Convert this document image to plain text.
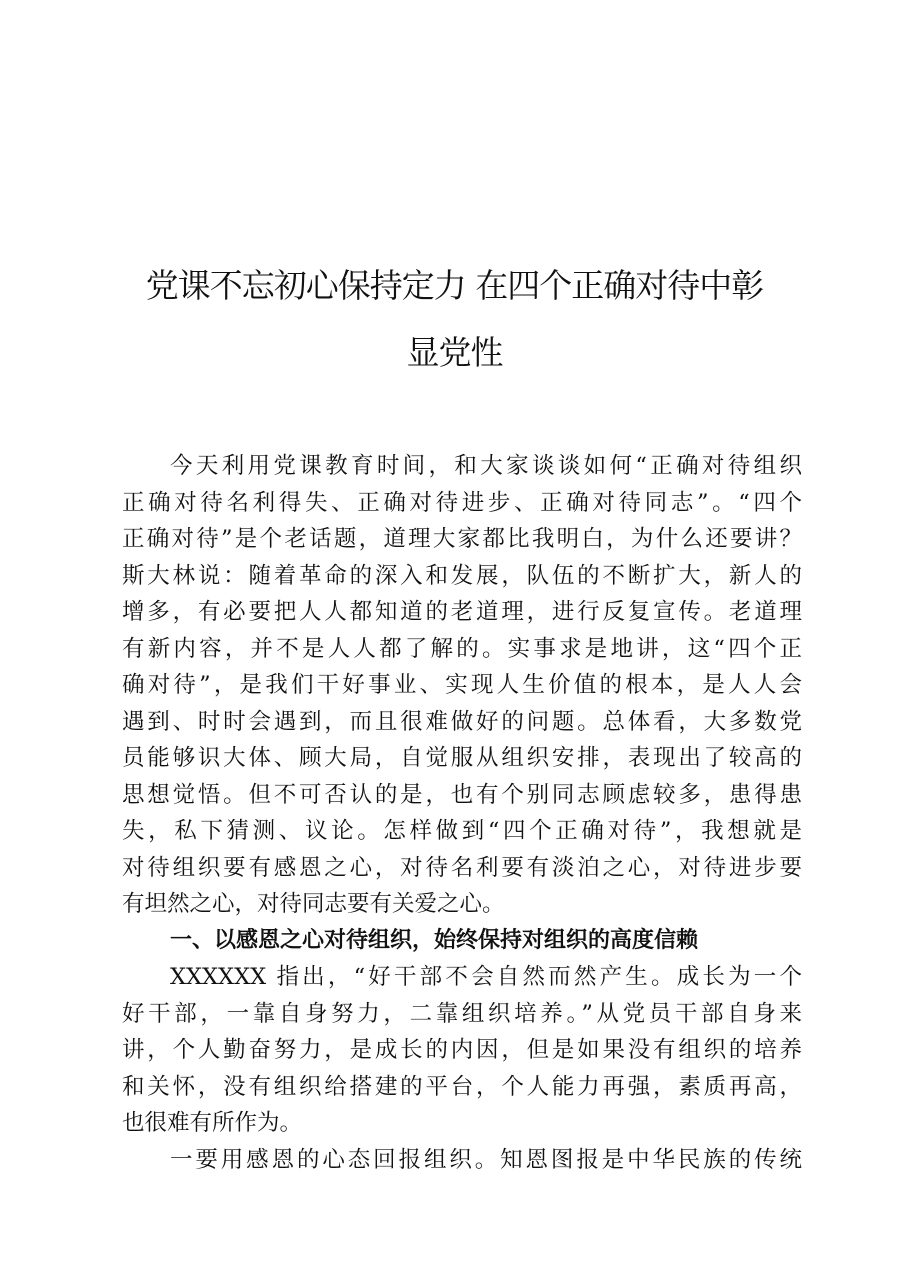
党课不忘初心保持定力 在四个正确对待中彰
显党性
今天利用党课教育时间，和大家谈谈如何“正确对待组织
正确对待名利得失、正确对待进步、正确对待同志”。“四个
正确对待”是个老话题，道理大家都比我明白，为什么还要讲？
斯大林说：随着革命的深入和发展，队伍的不断扩大，新人的
增多，有必要把人人都知道的老道理，进行反复宣传。老道理
有新内容，并不是人人都了解的。实事求是地讲，这“四个正
确对待”，是我们干好事业、实现人生价值的根本，是人人会
遇到、时时会遇到，而且很难做好的问题。总体看，大多数党
员能够识大体、顾大局，自觉服从组织安排，表现出了较高的
思想觉悟。但不可否认的是，也有个别同志顾虑较多，患得患
失，私下猜测、议论。怎样做到“四个正确对待”，我想就是
对待组织要有感恩之心，对待名利要有淡泊之心，对待进步要
有坦然之心，对待同志要有关爱之心。
一、以感恩之心对待组织，始终保持对组织的高度信赖
XXXXXX 指出，“好干部不会自然而然产生。成长为一个
好干部，一靠自身努力，二靠组织培养。”从党员干部自身来
讲，个人勤奋努力，是成长的内因，但是如果没有组织的培养
和关怀，没有组织给搭建的平台，个人能力再强，素质再高，
也很难有所作为。
一要用感恩的心态回报组织。知恩图报是中华民族的传统
